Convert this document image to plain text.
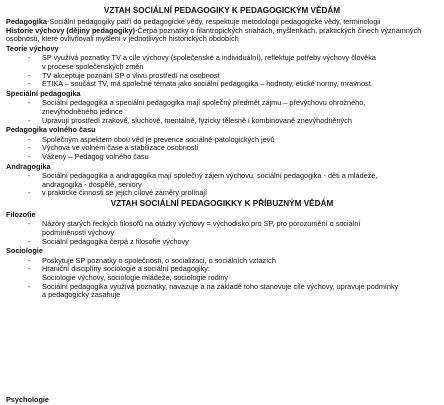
VZTAH SOCIÁLNÍ PEDAGOGIKY K PEDAGOGICKÝM VĚDÁM

Pedagogika-Sociální pedagogiky patří do pedagogické vědy, respektuje metodologii pedagogické vědy, terminologii

Historie výchovy (dějiny pedagogiky)-Čerpá poznatky o filantropických snahách, myšlenkách, praktických činech významných osobností, které ovlivňovali myšlení v jednotlivých historických obdobích

Teorie výchovy
- SP využívá poznatky TV a cíle výchovy (společenské a individuální), reflektuje potřeby výchovy člověka
v procese společenských změn
- TV akceptuje poznání SP o vlivu prostředí na osobnost
- ETIKA – součást TV, má společné témata jako sociální pedagogika – hodnoty, etické normy, mravnost
Speciální pedagogika
- Sociální pedagogika a speciální pedagogika mají společný předmět zájmu – převýchovu ohrožného,
znevýhodněného jedince
- Upravují prostředí zrakově, sluchově, mentálně, fyzicky tělesně i kombinovaně znevýhodněných
Pedagogika volného času
- Společným aspektem obou věd je prevence sociálně-patologických jevů
- Výchova ve volném čase a stabilizace osobnosti
- Vážený – Pedagog volného času
Andragogika
- Sociální pedagogika a andragogika mají společný zájem výchovu, sociální pedagogika - děti a mládeže,
andragogika - dospělé, seniory
- v praktické činnosti se jejich cílové záměry prolínají
VZTAH SOCIÁLNÍ PEDAGOGIKKY K PŘÍBUZNÝM VĚDÁM
Filozofie
- Názory starých řeckých filosofů na otázky výchovy = východisko pro SP, pro porozumění o sociální
podmíněnosti výchovy
- Sociální pedagogika čerpá z filosofie výchovy
Sociologie
- Poskytuje SP poznatky o společnosti, o socializaci, o sociálních vztazích
- Hraniční disciplíny sociologie a sociální pedagogiky:
Sociologie výchovy, sociologie mládeže, sociologie rodiny
- Sociální pedagogika využívá poznatky, navazuje a na základě toho stanovuje cíle výchovy, upravuje podmínky
a pedagogicky zasahuje
Psychologie
